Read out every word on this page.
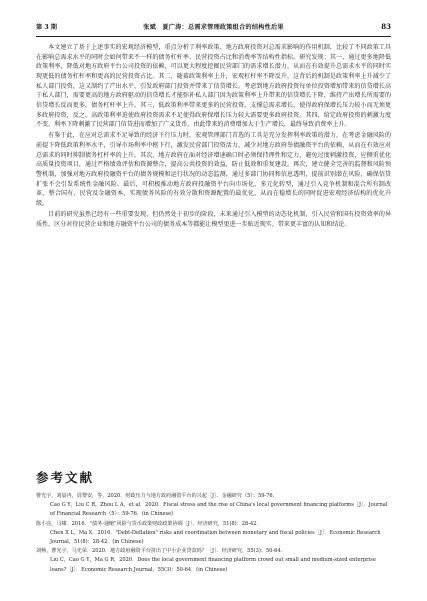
第 3 期	张斌　夏广涛：总需求管理政策组合的结构性后果	83

本文建立了基于上述事实的宏观经济模型，重点分析了利率政策、地方政府投资对总需求影响的作用机制，比较了不同政策工具在影响总需求水平的同时会如何带来不一样的债务杠杆率、民营投资占比和消费率等结构性指标。研究发现：其一，通过更多地降低政策利率，降低对地方政府平台公司投资的依赖，可以更大程度挖掘民营部门的需求增长潜力，从而在有效提升总需求水平的同时实现更低的债务杠杆率和更高的民营投资占比。其二，随着政策利率上升，宏观杠杆率不降反升，这背后的机制是政策利率上升减少了私人部门投资，这又制约了产出水平，引发政府部门投资并带来了信贷增长。考虑到地方政府投资每单位投资增加带来的信贷增长高于私人部门，需要更高的地方政府驱动的信贷增长才能弥补私人部门因为政策利率上升带来的信贷增长下降，维持产出增长所需要的信贷增长反而更多，债务杠杆率上升。其三，低政策利率带来更多的民营投资，支撑总需求增长，使得政府保增长压力较小而无须更多政府投资，反之，高政策利率迫使政府投资需求不足使得政府保增长压力较大需要更多政府投资。其四，给定政府投资的刺激力度不变，利率下降刺激了民营部门信贷进而增加了广义货币，由此带来的消费增加大于生产增长，最终导致消费率上升。

有鉴于此，在应对总需求不足导致的经济下行压力时，宏观管理部门首选的工具是充分发挥利率政策的潜力，在考虑金融风险的前提下降低政策利率水平，引导市场利率中枢下行，激发民营部门投资活力，减少对地方政府举债融资平台的依赖，从而在有效应对总需求的同时抑制债务杠杆率的上升。其次，地方政府在面对经济增速确口时必须保持理性和定力，避免过度刺激投资，应侧重优化高质量投资项目，通过严格绩效评估和资源整合，提高公共投资的效益，防止低效和重复建设。再次，建立健全完善的监督和风险预警机制，加强对地方政府投融资平台的债务规模和运行状况的动态监测，通过多部门协同和信息透明，提前识别潜在风险，确保信贷扩张不会引发系统性金融风险。最后，可积极推动地方政府投融资平台向市场化、多元化转型，通过引入竞争机制和混合所有制改革，整合国有、民营及金融资本，实现债务风险的有效分散和资源配置的最优化，从而在稳增长的同时促进宏观经济结构的优化升级。

目前的研究虽然已经有一些重要发现，但仍然处于初步的阶段，未来通过引入模型的动态化机制，引入民营和国有投资效率的异质性，区分对待民营企业和地方融资平台公司的债务成本等都能让模型更进一步贴近现实，带来更丰富的认知和结论。

参考文献
曹光宇，刘晨冉，周黎安，等，2020．财政压力与地方政府融资平台的兴起［J］．金融研究（5）：59-76.
Cao G Y，Liu C R，Zhou L A，et al．2020．Fiscal stress and the rise of China's local government financing platforms［J］．Journal of Financial Research（5）：59-76．(in Chinese)
陈小亮，马啸．2016．"债务-通缩"风险与货币政策财政政策协调［J］．经济研究，51(8)：28-42.
Chen X L，Ma X．2016．"Debt-Deflation" risks and coordination between monetary and fiscal policies［J］．Economic Research Journal，51(8)：28-42．(in Chinese)
刘畅，曹光宇，马光荣．2020．地方政府融资平台挤出了中小企业贷款吗？［J］．经济研究，55(3)：50-64.
Liu C，Cao G Y，Ma G R．2020．Does the local government financing platform crowd out small and medium-sized enterprise loans?［J］．Economic Research Journal，55(3)：50-64．(in Chinese)
